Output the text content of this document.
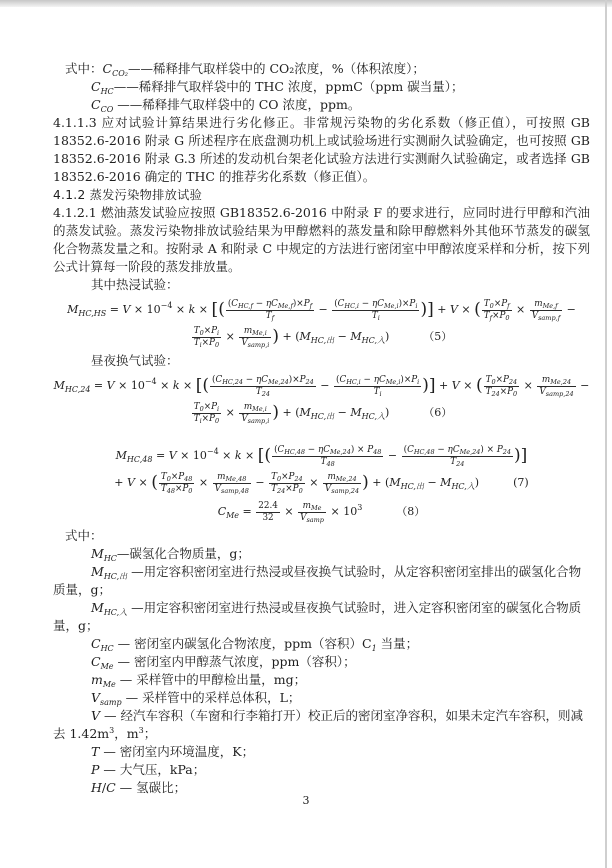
式中：$C_{CO_2}——$稀释排气取样袋中的 CO₂浓度，%（体积浓度）；
$C_{HC}——$稀释排气取样袋中的 THC 浓度，ppmC（ppm 碳当量）；
$C_{CO}$ ——稀释排气取样袋中的 CO 浓度，ppm。
4.1.1.3 应对试验计算结果进行劣化修正。非常规污染物的劣化系数（修正值），可按照 GB 18352.6-2016 附录 G 所述程序在底盘测功机上或试验场进行实测耐久试验确定，也可按照 GB 18352.6-2016 附录 G.3 所述的发动机台架老化试验方法进行实测耐久试验确定，或者选择 GB 18352.6-2016 确定的 THC 的推荐劣化系数（修正值）。
4.1.2 蒸发污染物排放试验
4.1.2.1 燃油蒸发试验应按照 GB18352.6-2016 中附录 F 的要求进行，应同时进行甲醇和汽油的蒸发试验。蒸发污染物排放试验结果为甲醇燃料的蒸发量和除甲醇燃料外其他环节蒸发的碳氢化合物蒸发量之和。按附录 A 和附录 C 中规定的方法进行密闭室中甲醇浓度采样和分析，按下列公式计算每一阶段的蒸发排放量。
其中热浸试验：
$M_{HC,HS} = V \times 10^{-4} \times k$ × [( $\frac{(C_{HC,f} - \eta C_{Me,f})\times P_f}{T_f} - \frac{(C_{HC,i} - \eta C_{Me,i})\times P_i}{T_i}$ )] + V × ( $\frac{T_0\times P_f}{T_f\times P_0} \times \frac{m_{Me,f}}{V_{samp,f}}$ −
$\frac{T_0\times P_i}{T_i\times P_0} \times \frac{m_{Me,i}}{V_{samp,i}}$ ) + $(M_{HC,出} - M_{HC,入})$	（5）
昼夜换气试验：
$M_{HC,24} = V \times 10^{-4} \times k$ × [( $\frac{(C_{HC,24} - \eta C_{Me,24})\times P_{24}}{T_{24}} - \frac{(C_{HC,i} - \eta C_{Me,i})\times P_i}{T_i}$ )] + V × ( $\frac{T_0\times P_{24}}{T_{24}\times P_0} \times \frac{m_{Me,24}}{V_{samp,24}}$ −
$\frac{T_0\times P_i}{T_i\times P_0} \times \frac{m_{Me,i}}{V_{samp,i}}$ ) + $(M_{HC,出} - M_{HC,入})$	（6）
$M_{HC,48} = V \times 10^{-4} \times k$ × [( $\frac{(C_{HC,48} - \eta C_{Me,24}) \times P_{48}}{T_{48}} - \frac{(C_{HC,48} - \eta C_{Me,24}) \times P_{24}}{T_{24}}$ )]
+ V × ( $\frac{T_0\times P_{48}}{T_{48}\times P_0} \times \frac{m_{Me,48}}{V_{samp,48}} - \frac{T_0\times P_{24}}{T_{24}\times P_0} \times \frac{m_{Me,24}}{V_{samp,24}}$ ) + $(M_{HC,出} - M_{HC,入})$	(7)
$C_{Me} = \frac{22.4}{32} \times \frac{m_{Me}}{V_{samp}} \times 10^3$	（8）
式中：
$M_{HC}—$碳氢化合物质量，g；
$M_{HC,出}$ —用定容积密闭室进行热浸或昼夜换气试验时，从定容积密闭室排出的碳氢化合物质量，g；
$M_{HC,入}$ —用定容积密闭室进行热浸或昼夜换气试验时，进入定容积密闭室的碳氢化合物质量，g；
$C_{HC}$ — 密闭室内碳氢化合物浓度，ppm（容积）$C_1$ 当量；
$C_{Me}$ — 密闭室内甲醇蒸气浓度，ppm（容积）；
$m_{Me}$ — 采样管中的甲醇检出量，mg；
$V_{samp}$ — 采样管中的采样总体积，L；
V — 经汽车容积（车窗和行李箱打开）校正后的密闭室净容积，如果未定汽车容积，则减去 $1.42m^3$，$m^3$；
T — 密闭室内环境温度，K；
P — 大气压，kPa；
H/C — 氢碳比；
3
